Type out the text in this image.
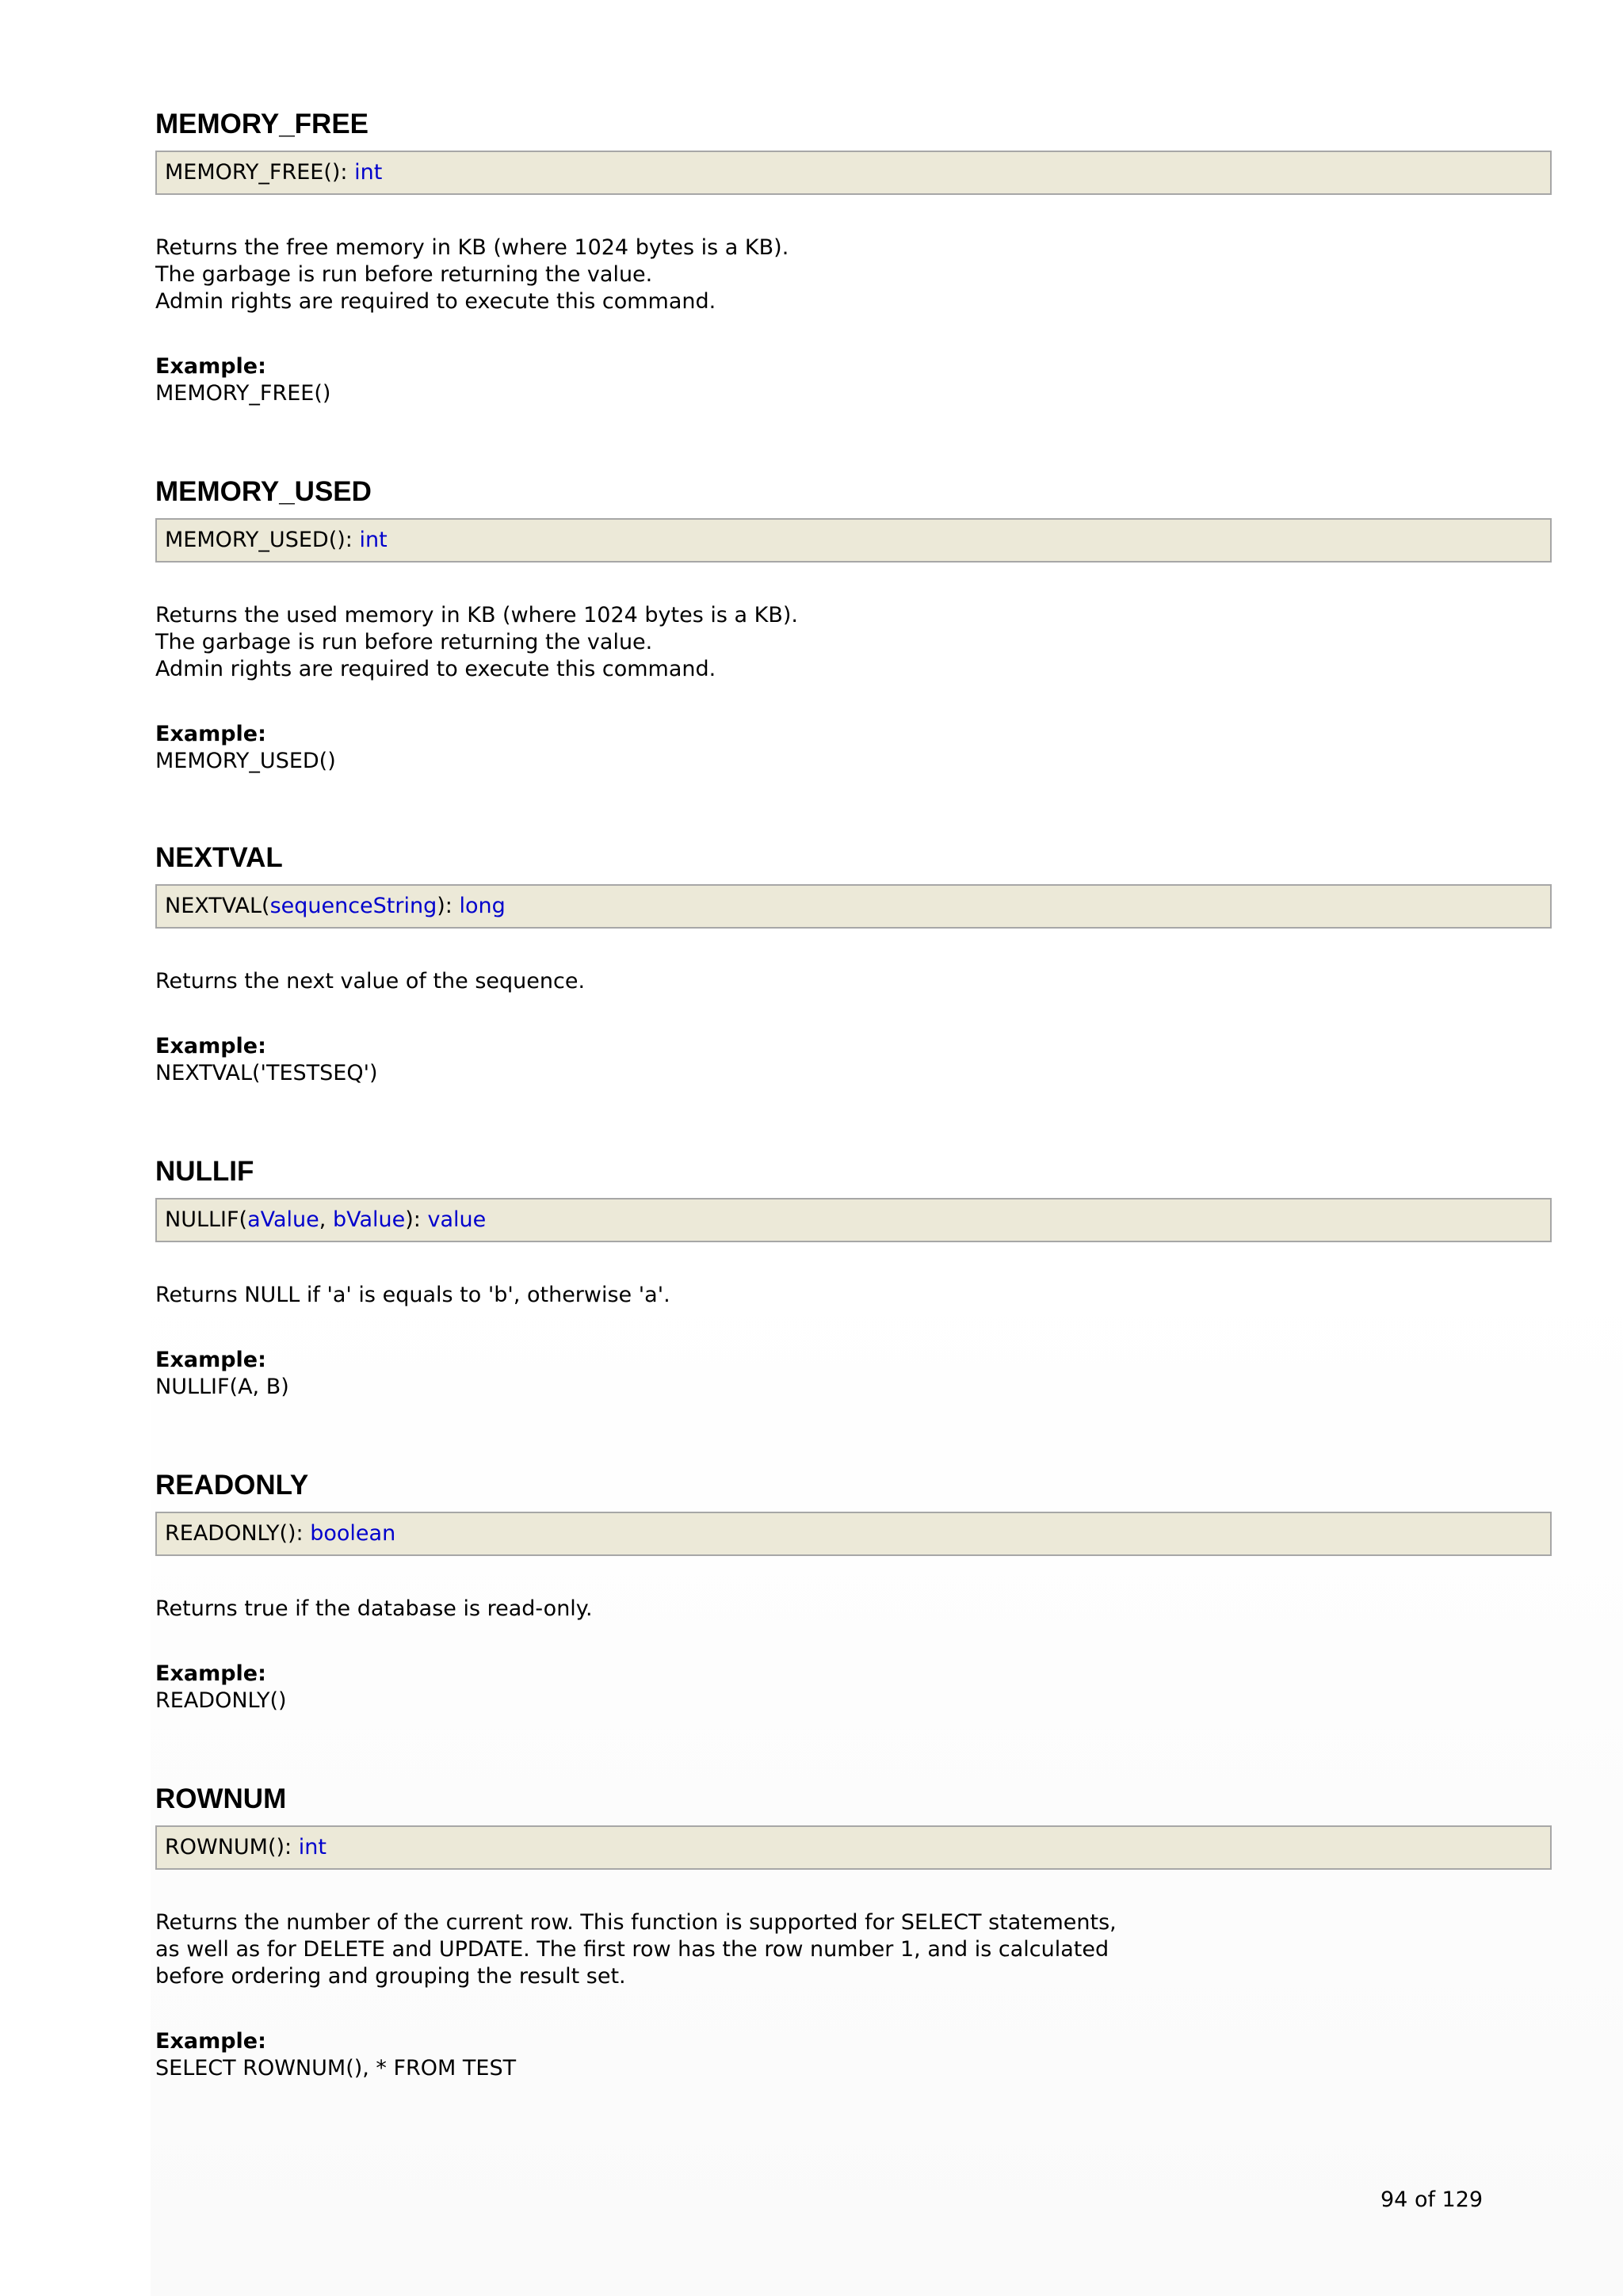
MEMORY_FREE
MEMORY_FREE(): int
Returns the free memory in KB (where 1024 bytes is a KB).
The garbage is run before returning the value.
Admin rights are required to execute this command.
Example:
MEMORY_FREE()
MEMORY_USED
MEMORY_USED(): int
Returns the used memory in KB (where 1024 bytes is a KB).
The garbage is run before returning the value.
Admin rights are required to execute this command.
Example:
MEMORY_USED()
NEXTVAL
NEXTVAL(sequenceString): long
Returns the next value of the sequence.
Example:
NEXTVAL('TESTSEQ')
NULLIF
NULLIF(aValue, bValue): value
Returns NULL if 'a' is equals to 'b', otherwise 'a'.
Example:
NULLIF(A, B)
READONLY
READONLY(): boolean
Returns true if the database is read-only.
Example:
READONLY()
ROWNUM
ROWNUM(): int
Returns the number of the current row. This function is supported for SELECT statements,
as well as for DELETE and UPDATE. The first row has the row number 1, and is calculated
before ordering and grouping the result set.
Example:
SELECT ROWNUM(), * FROM TEST
94 of 129
